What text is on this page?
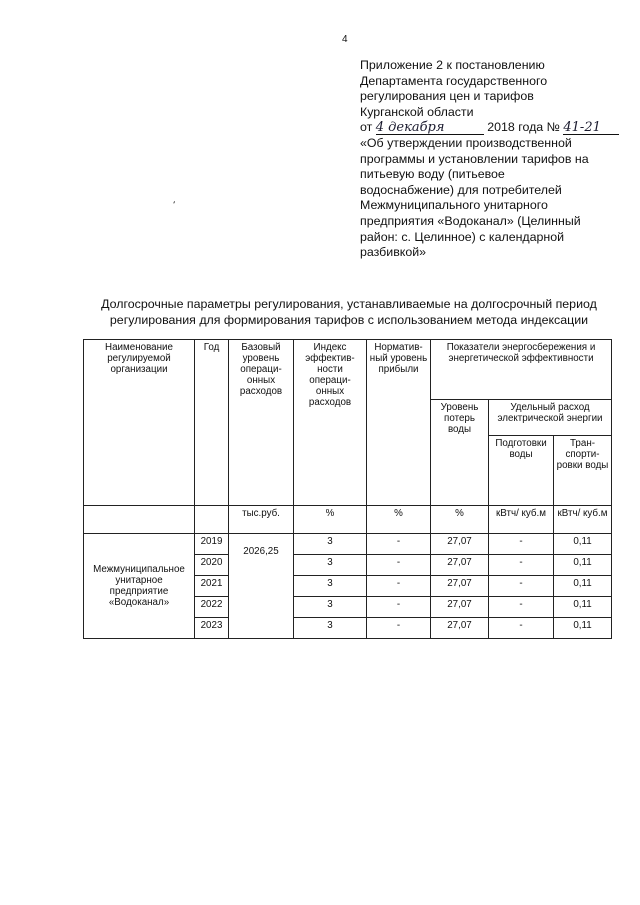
4
Приложение 2 к постановлению
Департамента государственного
регулирования цен и тарифов
Курганской области
от 4 декабря	2018 года № 41-21
«Об утверждении производственной
программы и установлении тарифов на
питьевую воду (питьевое
водоснабжение) для потребителей
Межмуниципального унитарного
предприятия «Водоканал» (Целинный
район: с. Целинное) с календарной
разбивкой»
'
Долгосрочные параметры регулирования, устанавливаемые на долгосрочный период
регулирования для формирования тарифов с использованием метода индексации
Наименование регулируемой организации	Год	Базовый уровень операци-онных расходов	Индекс эффектив-ности операци-онных расходов	Норматив-ный уровень прибыли	Показатели энергосбережения и энергетической эффективности		
					Уровень потерь воды	Удельный расход электрической энергии	
						Подготовки воды	Тран-спорти-ровки воды
		тыс.руб.	%	%	%	кВтч/ куб.м	кВтч/ куб.м
Межмуниципальное унитарное предприятие «Водоканал»	2019	2026,25	3	-	27,07	-	0,11
	2020		3	-	27,07	-	0,11
	2021		3	-	27,07	-	0,11
	2022		3	-	27,07	-	0,11
	2023		3	-	27,07	-	0,11
